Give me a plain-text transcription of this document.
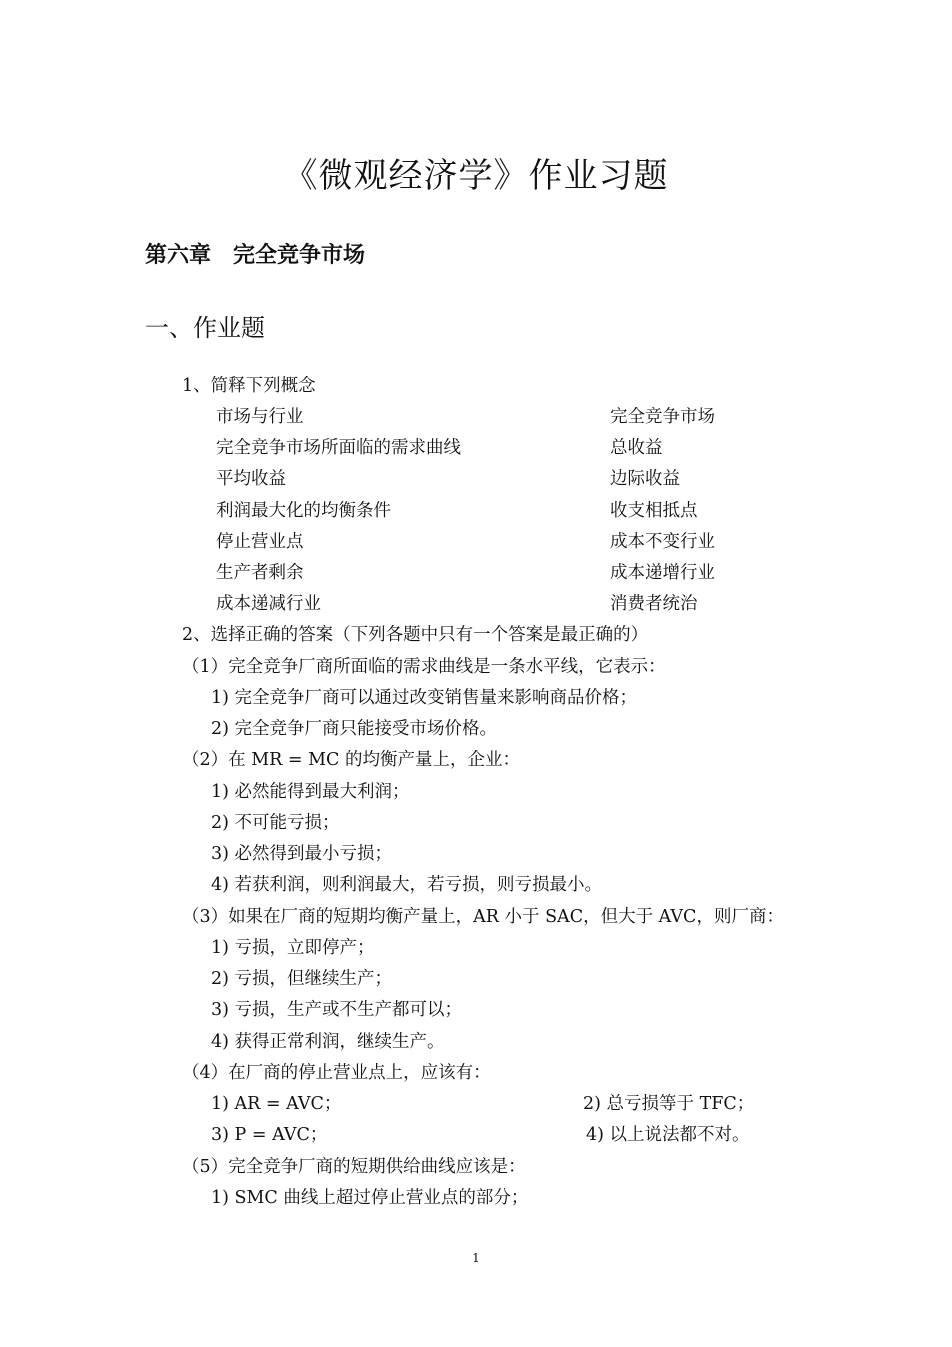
《微观经济学》作业习题
第六章　完全竞争市场
一、作业题
1、简释下列概念
市场与行业	完全竞争市场
完全竞争市场所面临的需求曲线	总收益
平均收益	边际收益
利润最大化的均衡条件	收支相抵点
停止营业点	成本不变行业
生产者剩余	成本递增行业
成本递减行业	消费者统治
2、选择正确的答案（下列各题中只有一个答案是最正确的）
（1）完全竞争厂商所面临的需求曲线是一条水平线，它表示：
1) 完全竞争厂商可以通过改变销售量来影响商品价格；
2) 完全竞争厂商只能接受市场价格。
（2）在 MR = MC 的均衡产量上，企业：
1) 必然能得到最大利润；
2) 不可能亏损；
3) 必然得到最小亏损；
4) 若获利润，则利润最大，若亏损，则亏损最小。
（3）如果在厂商的短期均衡产量上，AR 小于 SAC，但大于 AVC，则厂商：
1) 亏损，立即停产；
2) 亏损，但继续生产；
3) 亏损，生产或不生产都可以；
4) 获得正常利润，继续生产。
（4）在厂商的停止营业点上，应该有：
1) AR = AVC；	2) 总亏损等于 TFC；
3) P = AVC；	4) 以上说法都不对。
（5）完全竞争厂商的短期供给曲线应该是：
1) SMC 曲线上超过停止营业点的部分；
1
